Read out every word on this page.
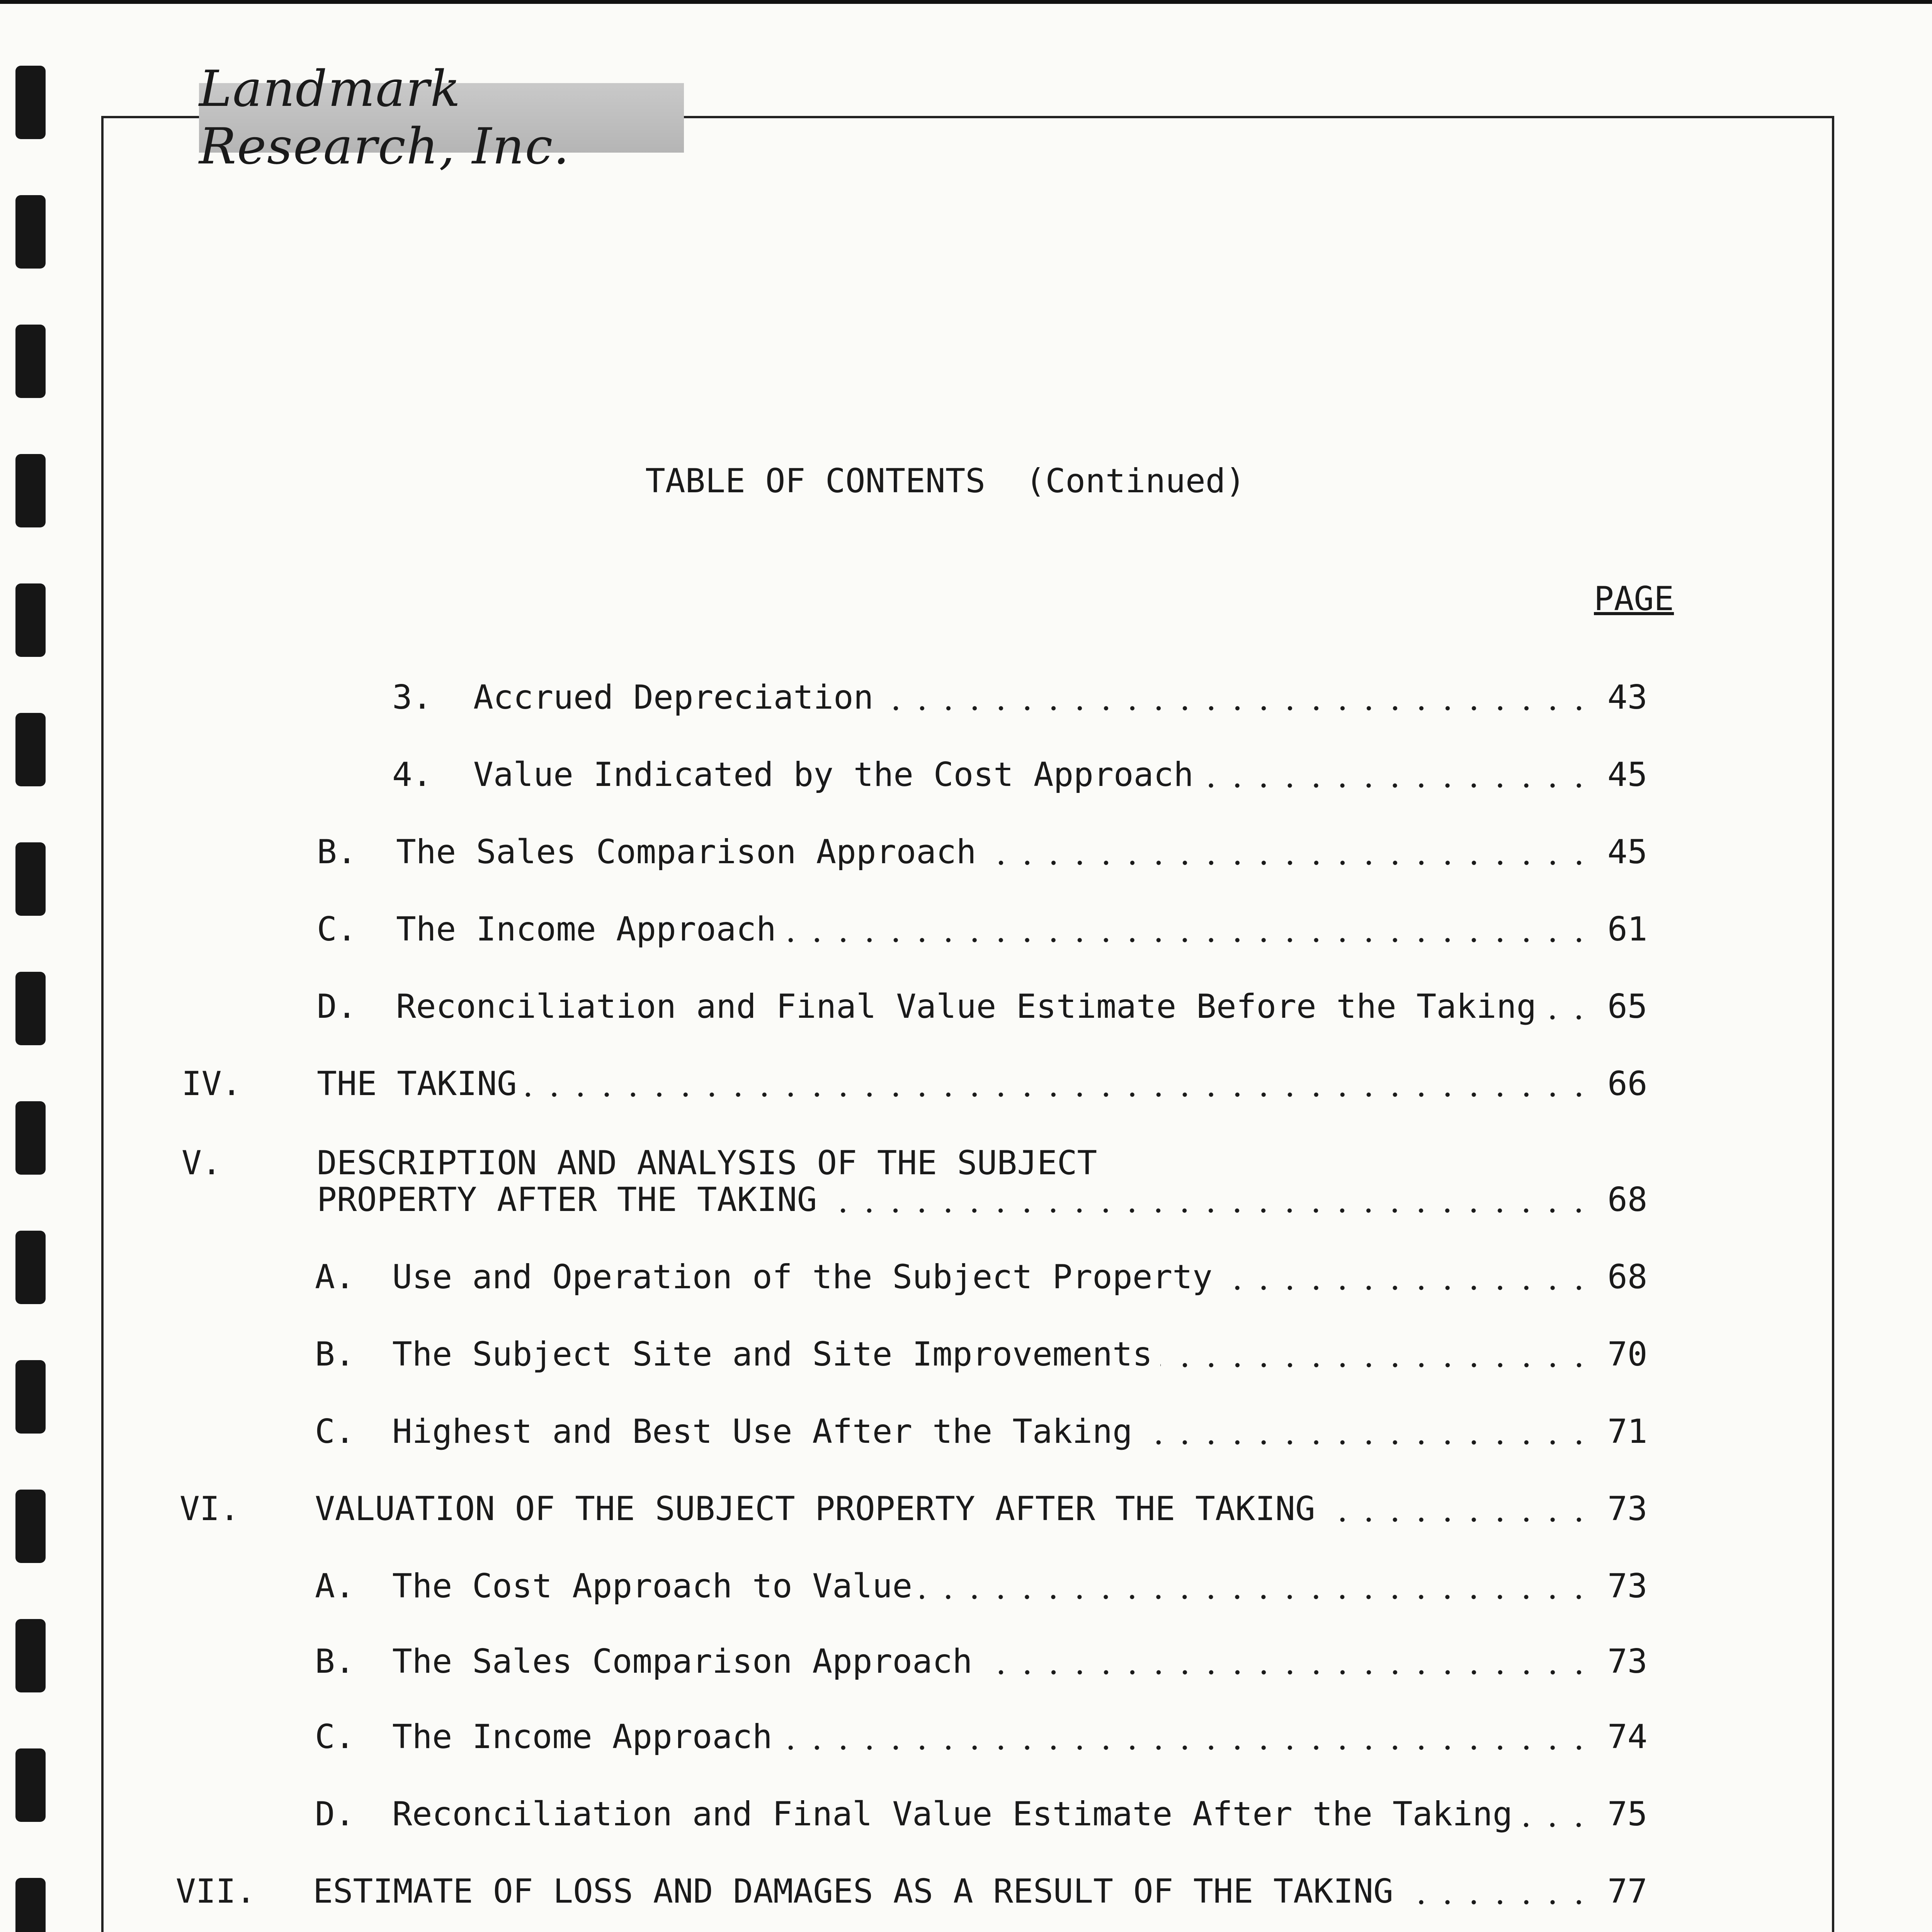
Landmark Research, Inc.
TABLE OF CONTENTS  (Continued)
PAGE
3.	Accrued Depreciation	43
4.	Value Indicated by the Cost Approach	45
B.	The Sales Comparison Approach	45
C.	The Income Approach	61
D.	Reconciliation and Final Value Estimate Before the Taking 65
IV.	THE TAKING	66
V.	DESCRIPTION AND ANALYSIS OF THE SUBJECT
PROPERTY AFTER THE TAKING	68
A.	Use and Operation of the Subject Property	68
B.	The Subject Site and Site Improvements	70
C.	Highest and Best Use After the Taking	71
VI.	VALUATION OF THE SUBJECT PROPERTY AFTER THE TAKING	73
A.	The Cost Approach to Value	73
B.	The Sales Comparison Approach	73
C.	The Income Approach	74
D.	Reconciliation and Final Value Estimate After the Taking	75
VII.	ESTIMATE OF LOSS AND DAMAGES AS A RESULT OF THE TAKING	77
